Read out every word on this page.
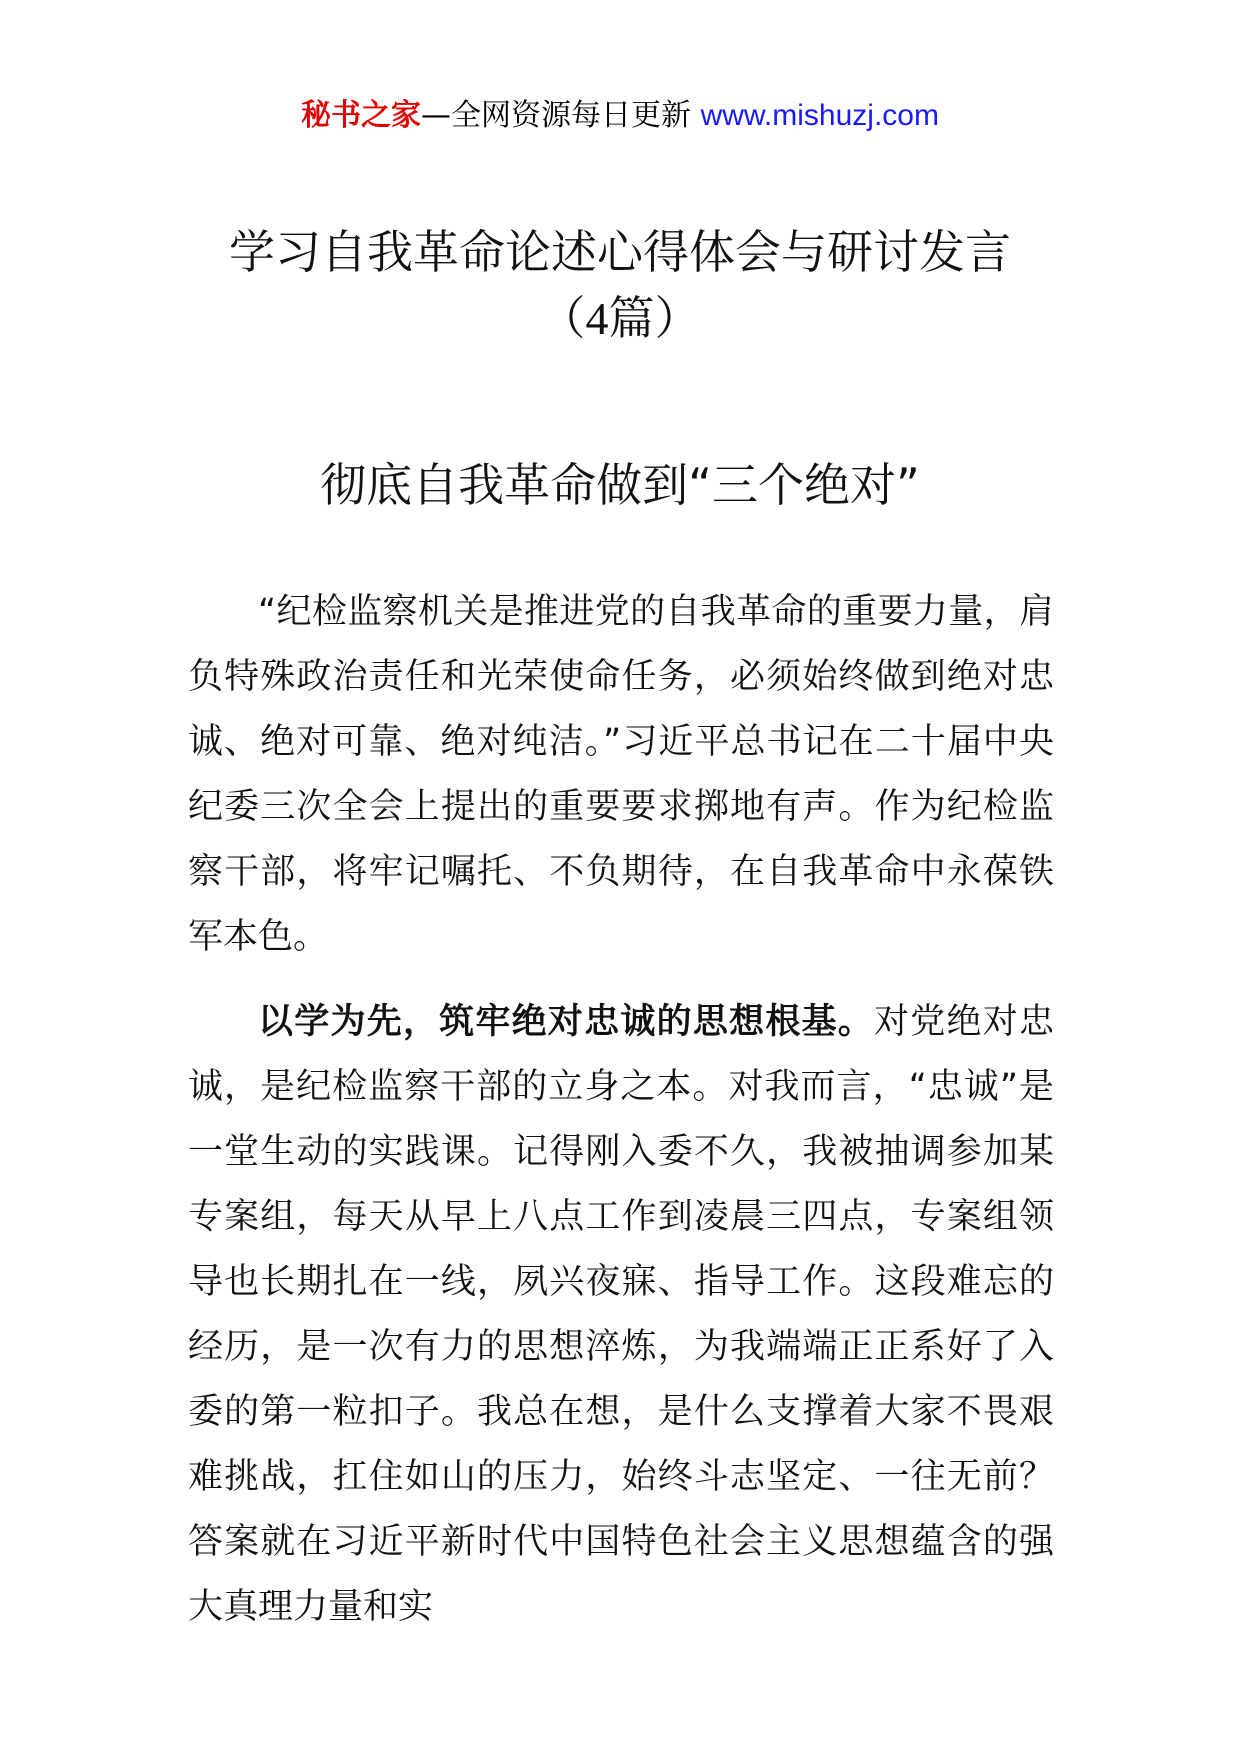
秘书之家—全网资源每日更新 www.mishuzj.com
学习自我革命论述心得体会与研讨发言
（4篇）
彻底自我革命做到“三个绝对”

“纪检监察机关是推进党的自我革命的重要力量，肩负特殊政治责任和光荣使命任务，必须始终做到绝对忠诚、绝对可靠、绝对纯洁。”习近平总书记在二十届中央纪委三次全会上提出的重要要求掷地有声。作为纪检监察干部，将牢记嘱托、不负期待，在自我革命中永葆铁军本色。

以学为先，筑牢绝对忠诚的思想根基。对党绝对忠诚，是纪检监察干部的立身之本。对我而言，“忠诚”是一堂生动的实践课。记得刚入委不久，我被抽调参加某专案组，每天从早上八点工作到凌晨三四点，专案组领导也长期扎在一线，夙兴夜寐、指导工作。这段难忘的经历，是一次有力的思想淬炼，为我端端正正系好了入委的第一粒扣子。我总在想，是什么支撑着大家不畏艰难挑战，扛住如山的压力，始终斗志坚定、一往无前？答案就在习近平新时代中国特色社会主义思想蕴含的强大真理力量和实
